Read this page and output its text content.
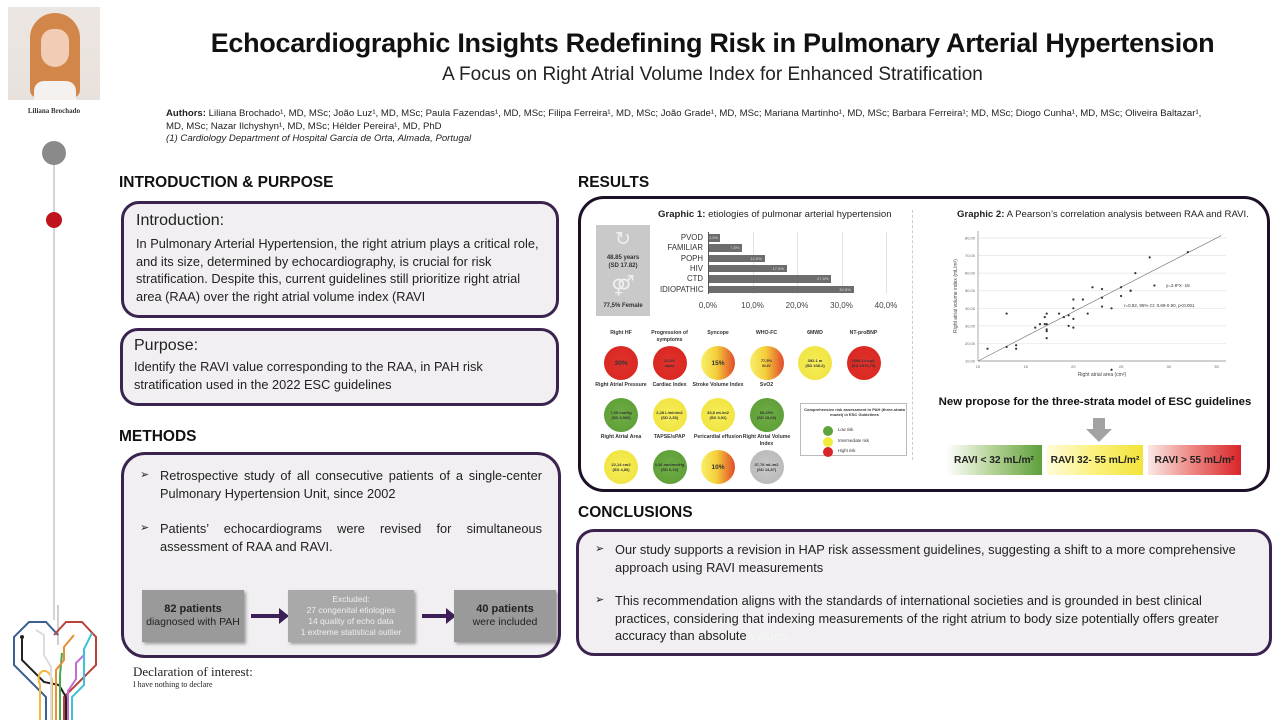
Liliana Brochado
Echocardiographic Insights Redefining Risk in Pulmonary Arterial Hypertension
A Focus on Right Atrial Volume Index for Enhanced Stratification
Authors: Liliana Brochado¹, MD, MSc; João Luz¹, MD, MSc; Paula Fazendas¹, MD, MSc; Filipa Ferreira¹, MD, MSc; João Grade¹, MD, MSc; Mariana Martinho¹, MD, MSc; Barbara Ferreira¹; MD, MSc; Diogo Cunha¹, MD, MSc; Oliveira Baltazar¹,
MD, MSc; Nazar Ilchyshyn¹, MD, MSc; Hélder Pereira¹, MD, PhD
(1) Cardiology Department of Hospital Garcia de Orta, Almada, Portugal
INTRODUCTION & PURPOSE
Introduction:
In Pulmonary Arterial Hypertension, the right atrium plays a critical role, and its size, determined by echocardiography, is crucial for risk stratification. Despite this, current guidelines still prioritize right atrial area (RAA) over the right atrial volume index (RAVI
Purpose:
Identify the RAVI value corresponding to the RAA, in PAH risk stratification used in the 2022 ESC guidelines
METHODS
➢ Retrospective study of all consecutive patients of a single-center Pulmonary Hypertension Unit, since 2002
➢ Patients’ echocardiograms were revised for simultaneous assessment of RAA and RAVI.
82 patients
diagnosed with PAH
Excluded:
27 congenital etiologies
14 quality of echo data
1 extreme statistical outlier
40 patients
were included
Declaration of interest:
I have nothing to declare
RESULTS
Graphic 1: etiologies of pulmonar arterial hypertension
↻
48.85 years
(SD 17.82)
⚤
77,5% Female	0,0%	10,0%	20,0%	30,0%	40,0%
PVOD 2,5%
FAMILIAR	7,5%
POPH	12,5%
HIV	17,5%
CTD	27,5%
IDIOPATHIC	32,5%
Right HF
30%
Progression of symptoms
12,5%
rapid
Syncope
15%
WHO-FC
77,5%
III-IV
6MWD
392.1 m
(SD 108.2)
NT-proBNP
1696,14 ng/L
(SD 1570,79)
Right Atrial Pressure
7,05 mmHg
(SD 3,566)
Cardiac Index
2,28 L/min/m2
(SD 2,35)
Stroke Volume Index
33,8 mL/m2
(SD 3,92)
SvO2
65,49%
(SD 15,66)
Right Atrial Area
22,14 cm2
(SD 4,80)
TAPSE/sPAP
0,36 mm/mmHg
(SD 0,19)
Pericardial effusion
10%
Right Atrial Volume Index
37,78 mL/m2
(SD 13,87)
Comprehensive risk assessment in PAH (three-strata model) in ESC Guidelines
Low risk
Intermediate risk
Hight risk
Graphic 2: A Pearson’s correlation analysis between RAA and RAVI.
10,00
20,00
30,00
40,00
50,00
60,00
70,00
80,00
10	15	20	25	30	35
Right atrial area (cm²)
Right atrial volume index (mL/m²)	y=2.8*X -18
r=0.82, 95% CI: 0.69-0.90, p<0.001
New propose for the three-strata model of ESC guidelines
RAVI < 32 mL/m²	RAVI 32- 55 mL/m²	RAVI > 55 mL/m²
CONCLUSIONS
➢ Our study supports a revision in HAP risk assessment guidelines, suggesting a shift to a more comprehensive approach using RAVI measurements
➢ This recommendation aligns with the standards of international societies and is grounded in best clinical practices, considering that indexing measurements of the right atrium to body size potentially offers greater accuracy than absolute values.
